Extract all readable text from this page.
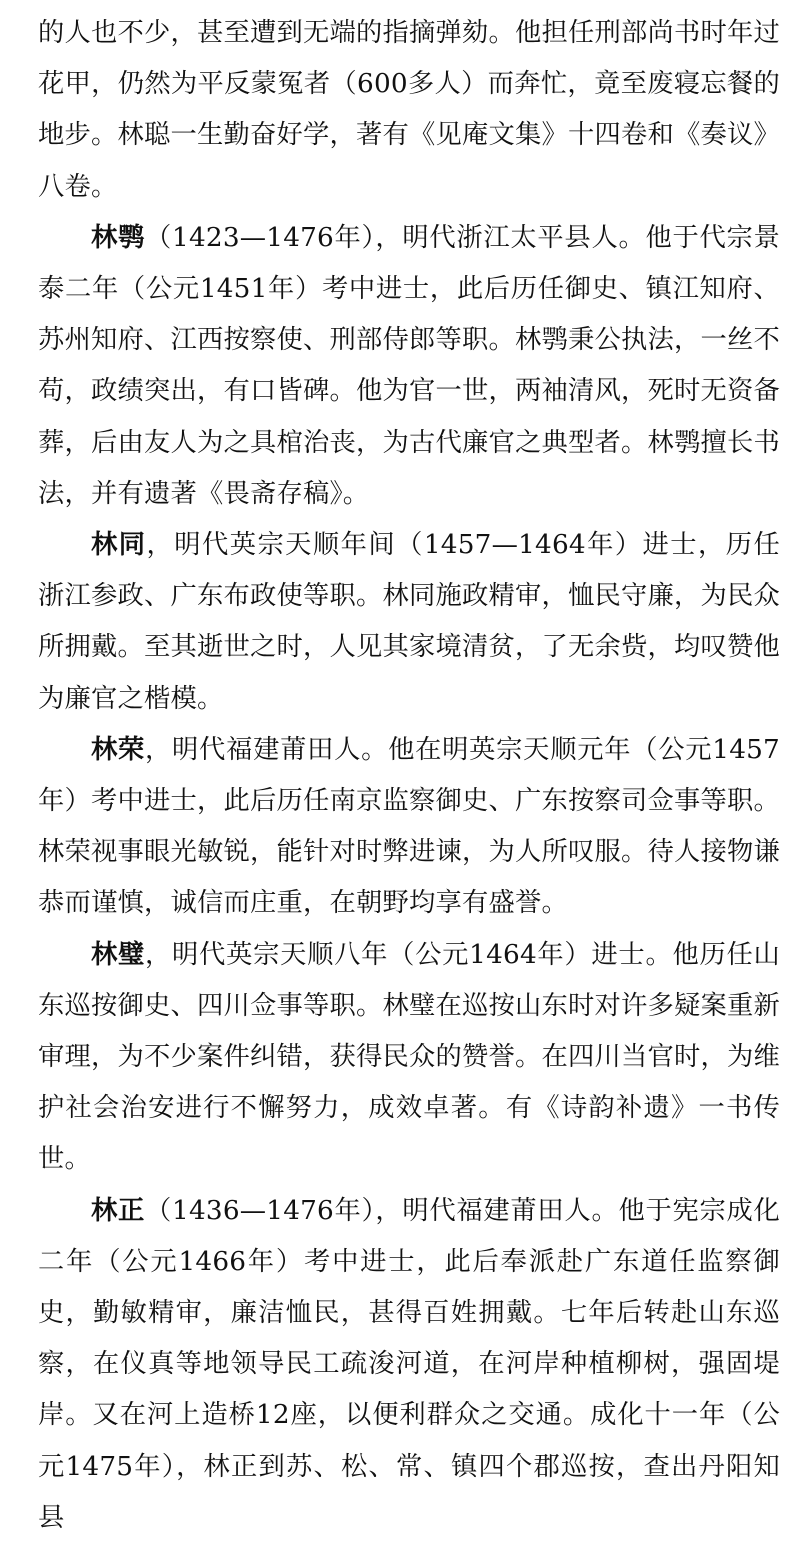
的人也不少，甚至遭到无端的指摘弹劾。他担任刑部尚书时年过花甲，仍然为平反蒙冤者（600多人）而奔忙，竟至废寝忘餐的地步。林聪一生勤奋好学，著有《见庵文集》十四卷和《奏议》八卷。

林鹗（1423—1476年），明代浙江太平县人。他于代宗景泰二年（公元1451年）考中进士，此后历任御史、镇江知府、苏州知府、江西按察使、刑部侍郎等职。林鹗秉公执法，一丝不苟，政绩突出，有口皆碑。他为官一世，两袖清风，死时无资备葬，后由友人为之具棺治丧，为古代廉官之典型者。林鹗擅长书法，并有遗著《畏斋存稿》。

林同，明代英宗天顺年间（1457—1464年）进士，历任浙江参政、广东布政使等职。林同施政精审，恤民守廉，为民众所拥戴。至其逝世之时，人见其家境清贫，了无余赀，均叹赞他为廉官之楷模。

林荣，明代福建莆田人。他在明英宗天顺元年（公元1457年）考中进士，此后历任南京监察御史、广东按察司佥事等职。林荣视事眼光敏锐，能针对时弊进谏，为人所叹服。待人接物谦恭而谨慎，诚信而庄重，在朝野均享有盛誉。

林璧，明代英宗天顺八年（公元1464年）进士。他历任山东巡按御史、四川佥事等职。林璧在巡按山东时对许多疑案重新审理，为不少案件纠错，获得民众的赞誉。在四川当官时，为维护社会治安进行不懈努力，成效卓著。有《诗韵补遗》一书传世。

林正（1436—1476年），明代福建莆田人。他于宪宗成化二年（公元1466年）考中进士，此后奉派赴广东道任监察御史，勤敏精审，廉洁恤民，甚得百姓拥戴。七年后转赴山东巡察，在仪真等地领导民工疏浚河道，在河岸种植柳树，强固堤岸。又在河上造桥12座，以便利群众之交通。成化十一年（公元1475年），林正到苏、松、常、镇四个郡巡按，查出丹阳知县
